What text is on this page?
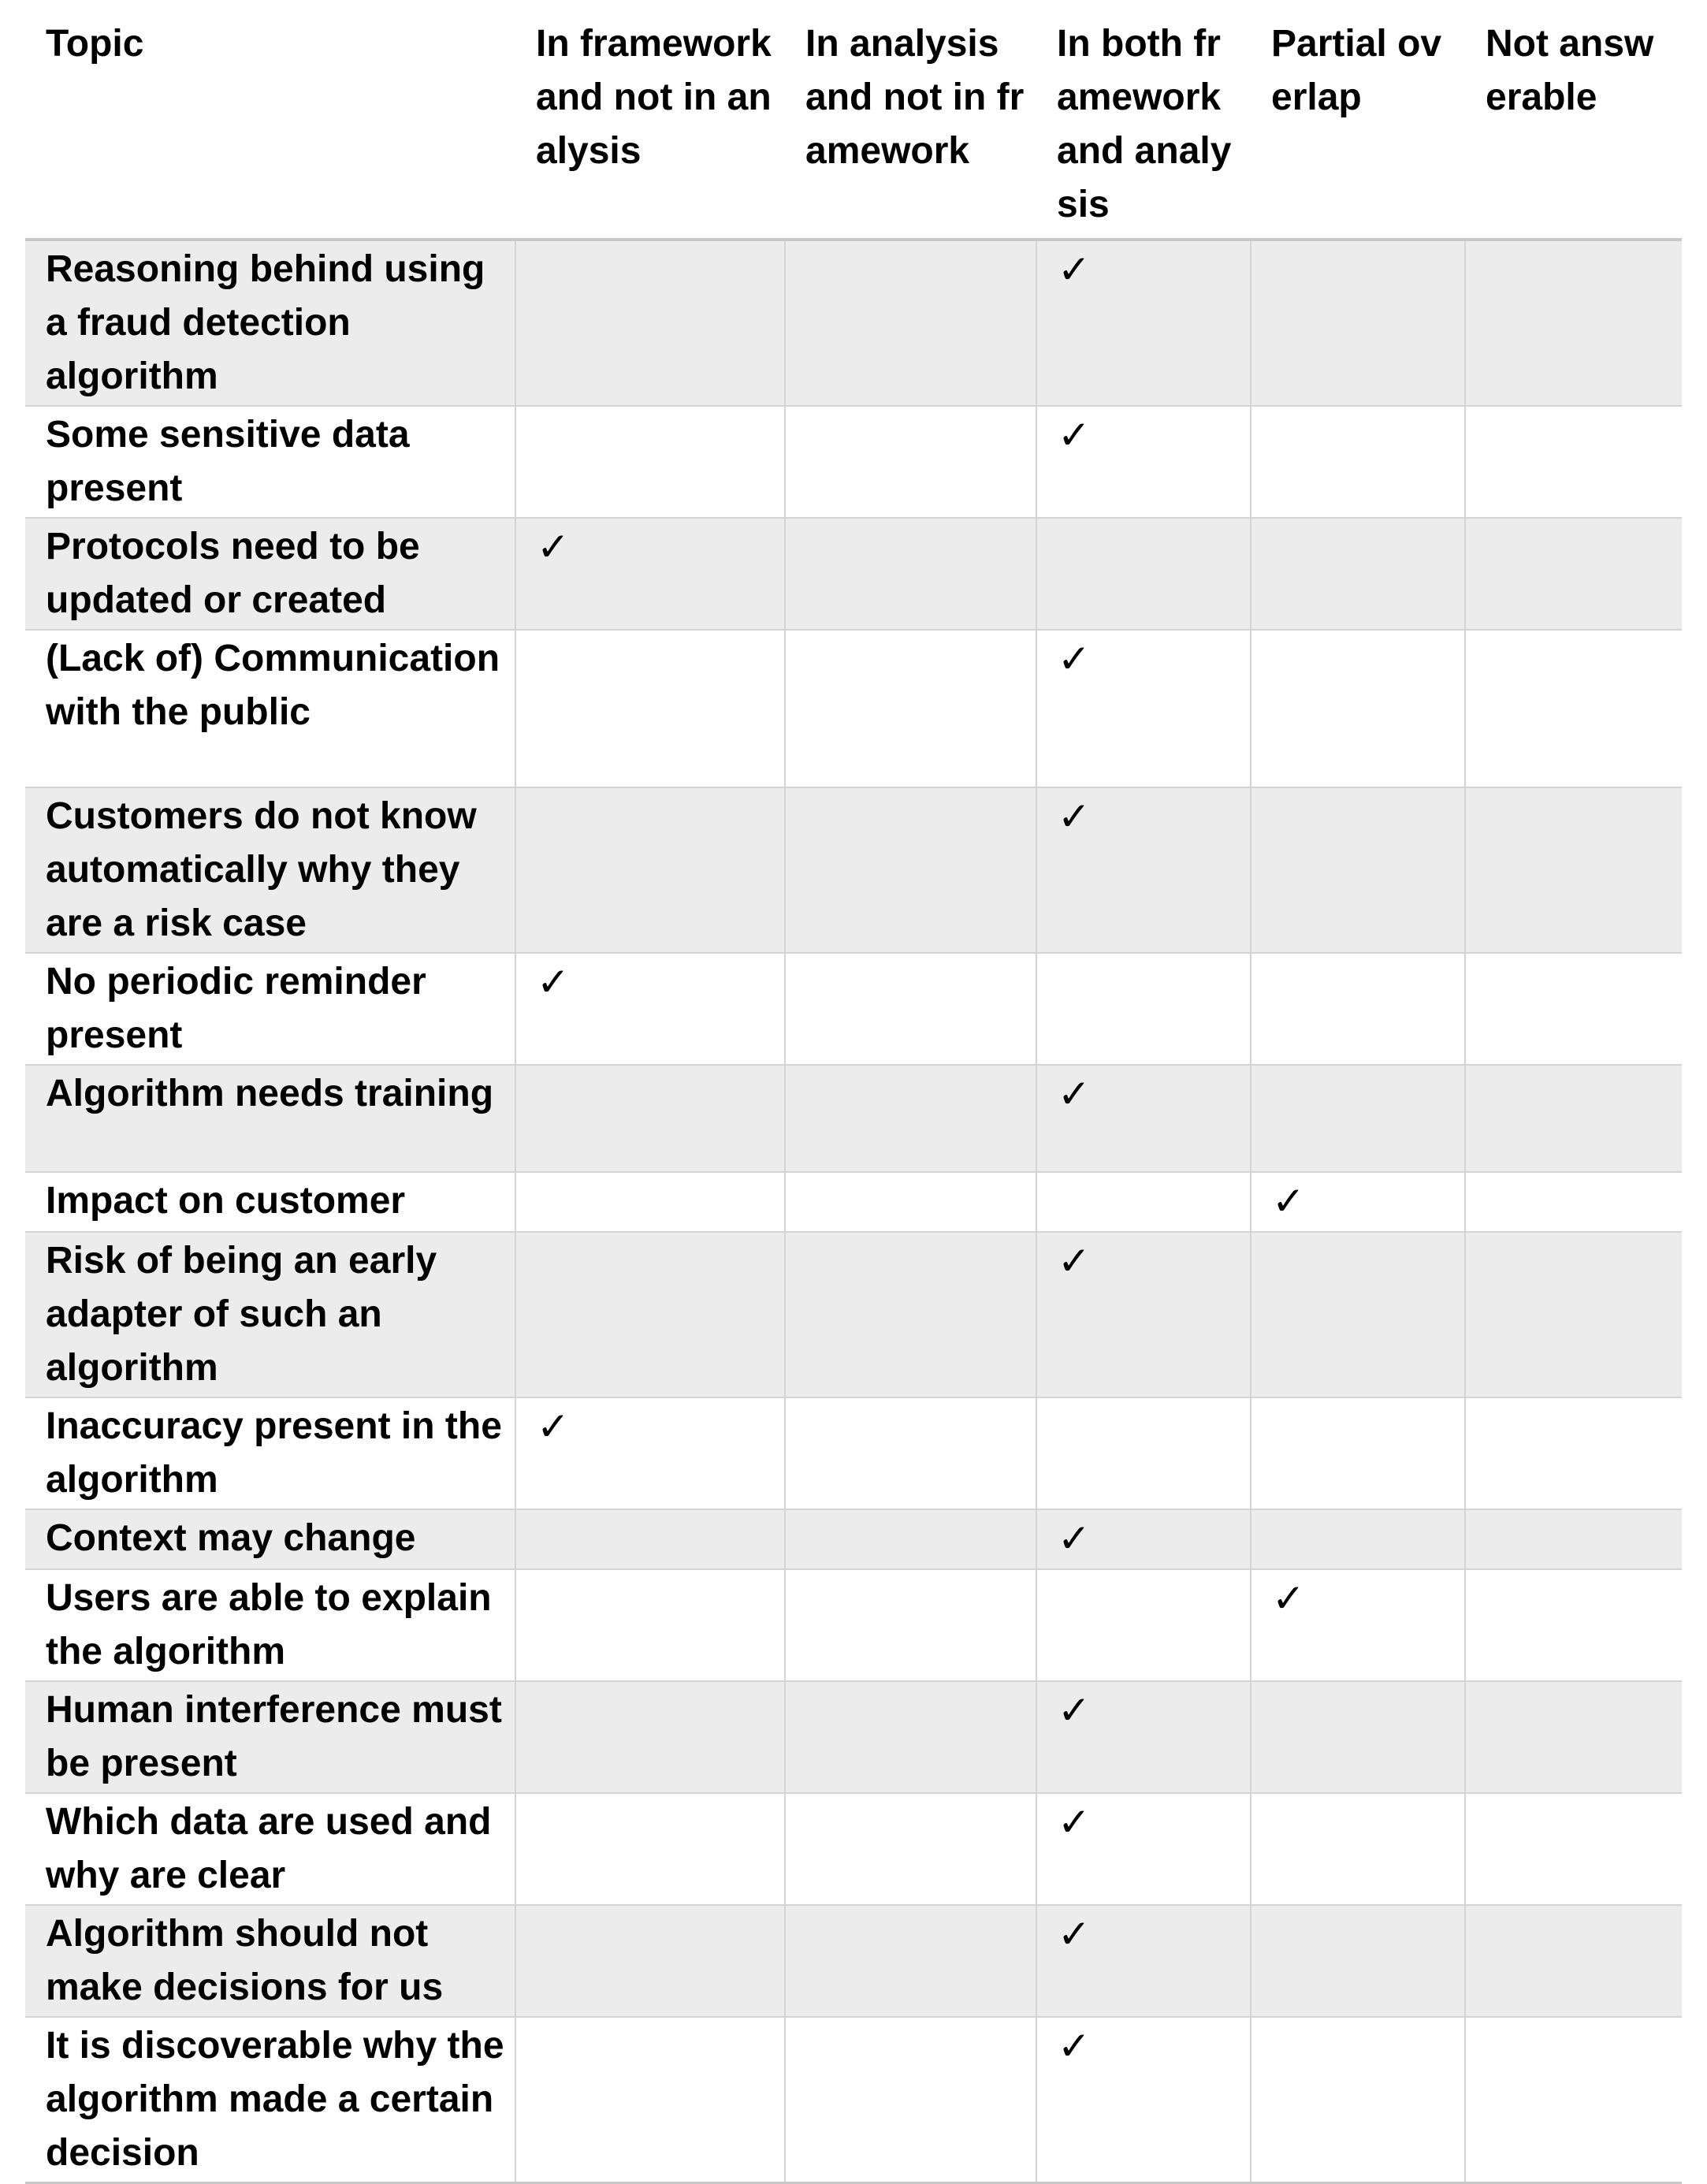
Topic	In framework and not in analysis	In analysis and not in framework	In both framework and analysis	Partial overlap	Not answerable
Reasoning behind using a fraud detection algorithm			✓		
Some sensitive data present			✓		
Protocols need to be updated or created	✓				
(Lack of) Communication with the public			✓		
Customers do not know automatically why they are a risk case			✓		
No periodic reminder present	✓				
Algorithm needs training			✓		
Impact on customer				✓	
Risk of being an early adapter of such an algorithm			✓		
Inaccuracy present in the algorithm	✓				
Context may change			✓		
Users are able to explain the algorithm				✓	
Human interference must be present			✓		
Which data are used and why are clear			✓		
Algorithm should not make decisions for us			✓		
It is discoverable why the algorithm made a certain decision			✓		
